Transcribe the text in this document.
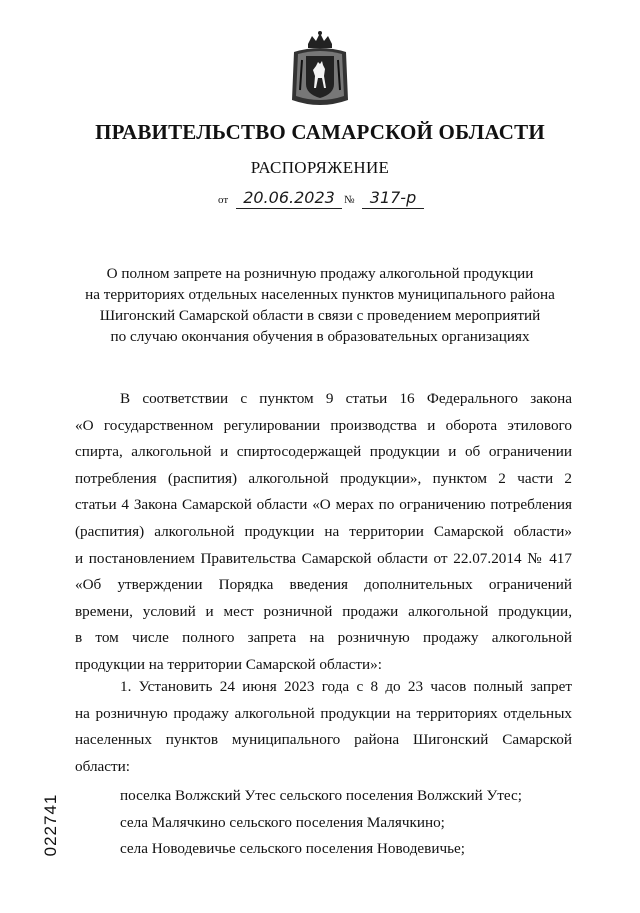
ПРАВИТЕЛЬСТВО САМАРСКОЙ ОБЛАСТИ
РАСПОРЯЖЕНИЕ
от 20.06.2023 № 317-р
О полном запрете на розничную продажу алкогольной продукции
на территориях отдельных населенных пунктов муниципального района
Шигонский Самарской области в связи с проведением мероприятий
по случаю окончания обучения в образовательных организациях
В соответствии с пунктом 9 статьи 16 Федерального закона
«О государственном регулировании производства и оборота этилового
спирта, алкогольной и спиртосодержащей продукции и об ограничении
потребления (распития) алкогольной продукции», пунктом 2 части 2
статьи 4 Закона Самарской области «О мерах по ограничению потребления
(распития) алкогольной продукции на территории Самарской области»
и постановлением Правительства Самарской области от 22.07.2014 № 417
«Об утверждении Порядка введения дополнительных ограничений
времени, условий и мест розничной продажи алкогольной продукции,
в том числе полного запрета на розничную продажу алкогольной
продукции на территории Самарской области»:
1. Установить 24 июня 2023 года с 8 до 23 часов полный запрет
на розничную продажу алкогольной продукции на территориях отдельных
населенных пунктов муниципального района Шигонский Самарской
области:
поселка Волжский Утес сельского поселения Волжский Утес;
села Малячкино сельского поселения Малячкино;
села Новодевичье сельского поселения Новодевичье;
022741
